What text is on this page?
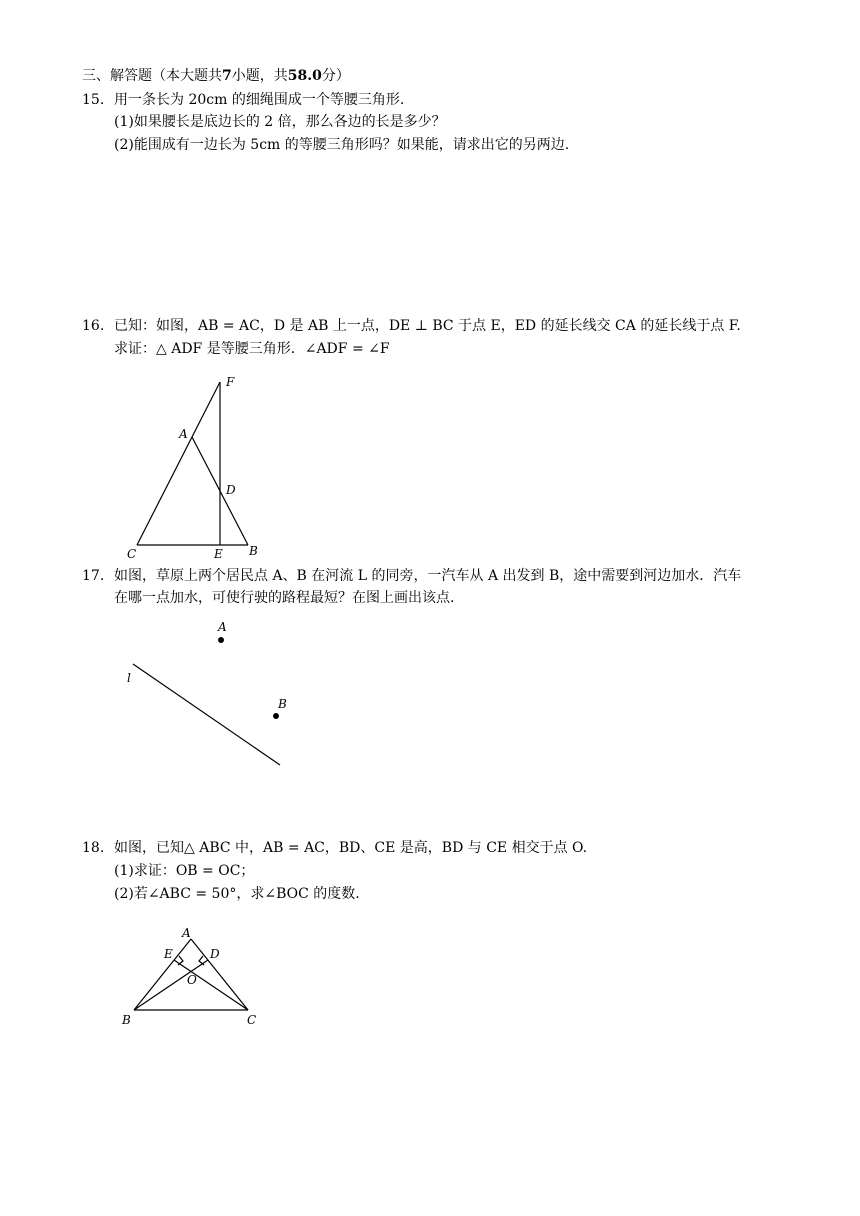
三、解答题（本大题共7小题，共58.0分）
15. 用一条长为 20cm 的细绳围成一个等腰三角形.
(1)如果腰长是底边长的 2 倍，那么各边的长是多少？
(2)能围成有一边长为 5cm 的等腰三角形吗？如果能，请求出它的另两边.
16. 已知：如图，AB = AC，D 是 AB 上一点，DE ⊥ BC 于点 E，ED 的延长线交 CA 的延长线于点 F.
求证：△ ADF 是等腰三角形．∠ADF = ∠F
F
A
D
C	E B
17. 如图，草原上两个居民点 A、B 在河流 L 的同旁，一汽车从 A 出发到 B，途中需要到河边加水．汽车
在哪一点加水，可使行驶的路程最短？在图上画出该点.
A
B
l
18. 如图，已知△ ABC 中，AB = AC，BD、CE 是高，BD 与 CE 相交于点 O.
(1)求证：OB = OC；
(2)若∠ABC = 50°，求∠BOC 的度数.
A
E	D
O
B	C
